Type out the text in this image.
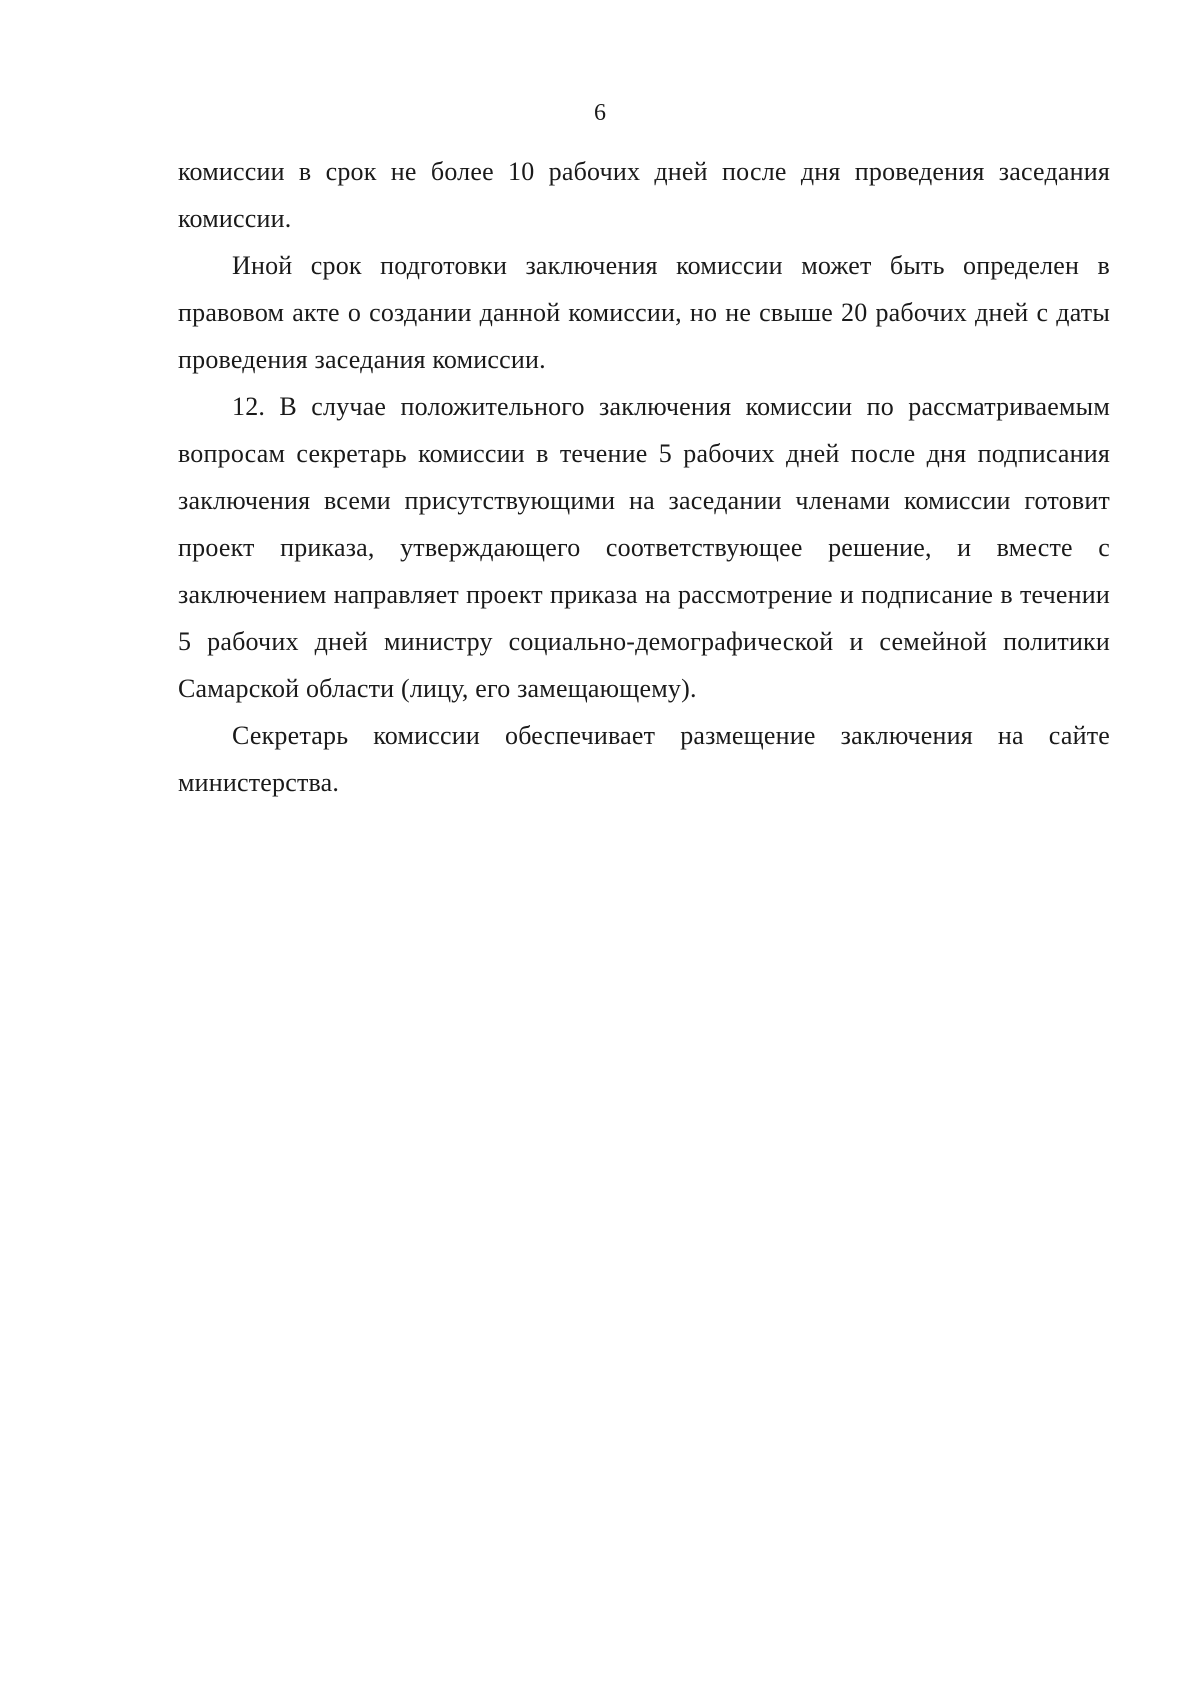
6

комиссии в срок не более 10 рабочих дней после дня проведения заседания комиссии.

Иной срок подготовки заключения комиссии может быть определен в правовом акте о создании данной комиссии, но не свыше 20 рабочих дней с даты проведения заседания комиссии.

12. В случае положительного заключения комиссии по рассматриваемым вопросам секретарь комиссии в течение 5 рабочих дней после дня подписания заключения всеми присутствующими на заседании членами комиссии готовит проект приказа, утверждающего соответствующее решение, и вместе с заключением направляет проект приказа на рассмотрение и подписание в течении 5 рабочих дней министру социально-демографической и семейной политики Самарской области (лицу, его замещающему).

Секретарь комиссии обеспечивает размещение заключения на сайте министерства.
